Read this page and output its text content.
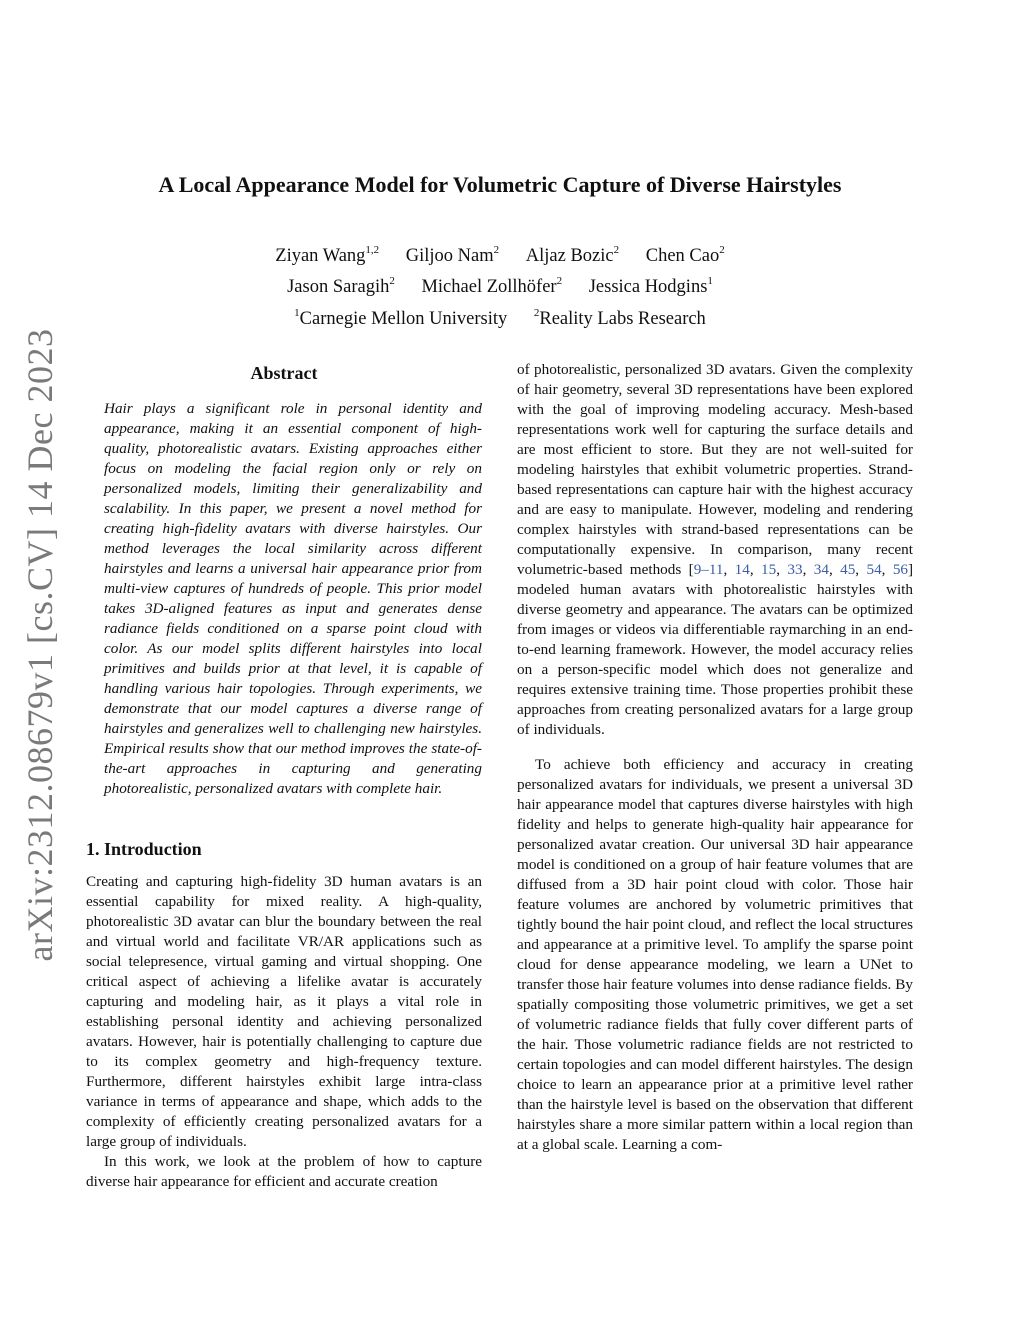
arXiv:2312.08679v1 [cs.CV] 14 Dec 2023
A Local Appearance Model for Volumetric Capture of Diverse Hairstyles
Ziyan Wang$^{1,2}$ Giljoo Nam$^2$ Aljaz Bozic$^2$ Chen Cao$^2$
Jason Saragih$^2$ Michael Zollhöfer$^2$ Jessica Hodgins$^1$
$^1$Carnegie Mellon University $^2$Reality Labs Research
Abstract

Hair plays a significant role in personal identity and appearance, making it an essential component of high-quality, photorealistic avatars. Existing approaches either focus on modeling the facial region only or rely on personalized models, limiting their generalizability and scalability. In this paper, we present a novel method for creating high-fidelity avatars with diverse hairstyles. Our method leverages the local similarity across different hairstyles and learns a universal hair appearance prior from multi-view captures of hundreds of people. This prior model takes 3D-aligned features as input and generates dense radiance fields conditioned on a sparse point cloud with color. As our model splits different hairstyles into local primitives and builds prior at that level, it is capable of handling various hair topologies. Through experiments, we demonstrate that our model captures a diverse range of hairstyles and generalizes well to challenging new hairstyles. Empirical results show that our method improves the state-of-the-art approaches in capturing and generating photorealistic, personalized avatars with complete hair.

1. Introduction

Creating and capturing high-fidelity 3D human avatars is an essential capability for mixed reality. A high-quality, photorealistic 3D avatar can blur the boundary between the real and virtual world and facilitate VR/AR applications such as social telepresence, virtual gaming and virtual shopping. One critical aspect of achieving a lifelike avatar is accurately capturing and modeling hair, as it plays a vital role in establishing personal identity and achieving personalized avatars. However, hair is potentially challenging to capture due to its complex geometry and high-frequency texture. Furthermore, different hairstyles exhibit large intra-class variance in terms of appearance and shape, which adds to the complexity of efficiently creating personalized avatars for a large group of individuals.

In this work, we look at the problem of how to capture diverse hair appearance for efficient and accurate creation

of photorealistic, personalized 3D avatars. Given the complexity of hair geometry, several 3D representations have been explored with the goal of improving modeling accuracy. Mesh-based representations work well for capturing the surface details and are most efficient to store. But they are not well-suited for modeling hairstyles that exhibit volumetric properties. Strand-based representations can capture hair with the highest accuracy and are easy to manipulate. However, modeling and rendering complex hairstyles with strand-based representations can be computationally expensive. In comparison, many recent volumetric-based methods [9–11, 14, 15, 33, 34, 45, 54, 56] modeled human avatars with photorealistic hairstyles with diverse geometry and appearance. The avatars can be optimized from images or videos via differentiable raymarching in an end-to-end learning framework. However, the model accuracy relies on a person-specific model which does not generalize and requires extensive training time. Those properties prohibit these approaches from creating personalized avatars for a large group of individuals.

To achieve both efficiency and accuracy in creating personalized avatars for individuals, we present a universal 3D hair appearance model that captures diverse hairstyles with high fidelity and helps to generate high-quality hair appearance for personalized avatar creation. Our universal 3D hair appearance model is conditioned on a group of hair feature volumes that are diffused from a 3D hair point cloud with color. Those hair feature volumes are anchored by volumetric primitives that tightly bound the hair point cloud, and reflect the local structures and appearance at a primitive level. To amplify the sparse point cloud for dense appearance modeling, we learn a UNet to transfer those hair feature volumes into dense radiance fields. By spatially compositing those volumetric primitives, we get a set of volumetric radiance fields that fully cover different parts of the hair. Those volumetric radiance fields are not restricted to certain topologies and can model different hairstyles. The design choice to learn an appearance prior at a primitive level rather than the hairstyle level is based on the observation that different hairstyles share a more similar pattern within a local region than at a global scale. Learning a com-
